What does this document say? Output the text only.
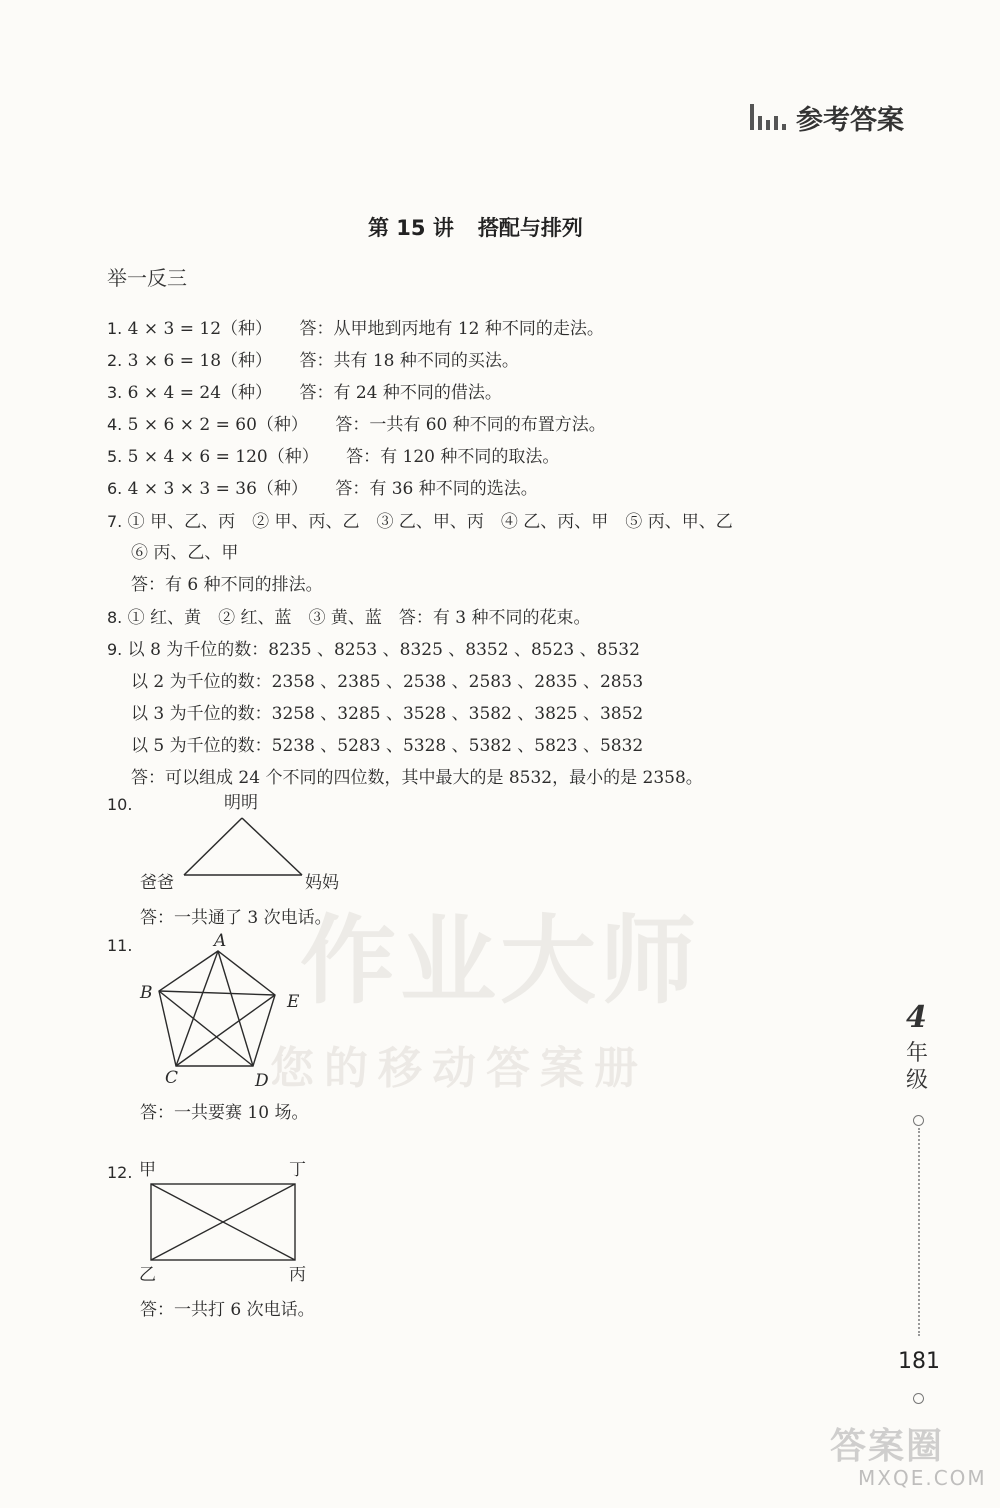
参考答案
第 15 讲 搭配与排列
举一反三
作业大师
您的移动答案册
1. 4 × 3 = 12（种） 答：从甲地到丙地有 12 种不同的走法。
2. 3 × 6 = 18（种） 答：共有 18 种不同的买法。
3. 6 × 4 = 24（种） 答：有 24 种不同的借法。
4. 5 × 6 × 2 = 60（种） 答：一共有 60 种不同的布置方法。
5. 5 × 4 × 6 = 120（种） 答：有 120 种不同的取法。
6. 4 × 3 × 3 = 36（种） 答：有 36 种不同的选法。
7. ① 甲、乙、丙　② 甲、丙、乙　③ 乙、甲、丙　④ 乙、丙、甲　⑤ 丙、甲、乙
⑥ 丙、乙、甲
答：有 6 种不同的排法。
8. ① 红、黄　② 红、蓝　③ 黄、蓝　答：有 3 种不同的花束。
9. 以 8 为千位的数：8235 、8253 、8325 、8352 、8523 、8532
以 2 为千位的数：2358 、2385 、2538 、2583 、2835 、2853
以 3 为千位的数：3258 、3285 、3528 、3582 、3825 、3852
以 5 为千位的数：5238 、5283 、5328 、5382 、5823 、5832
答：可以组成 24 个不同的四位数，其中最大的是 8532，最小的是 2358。
10.	明明
爸爸	妈妈
答：一共通了 3 次电话。
11.	A
B
C	D
E
答：一共要赛 10 场。
12. 甲	丁
乙	丙
答：一共打 6 次电话。
4
年级
181
答案圈
MXQE.COM
